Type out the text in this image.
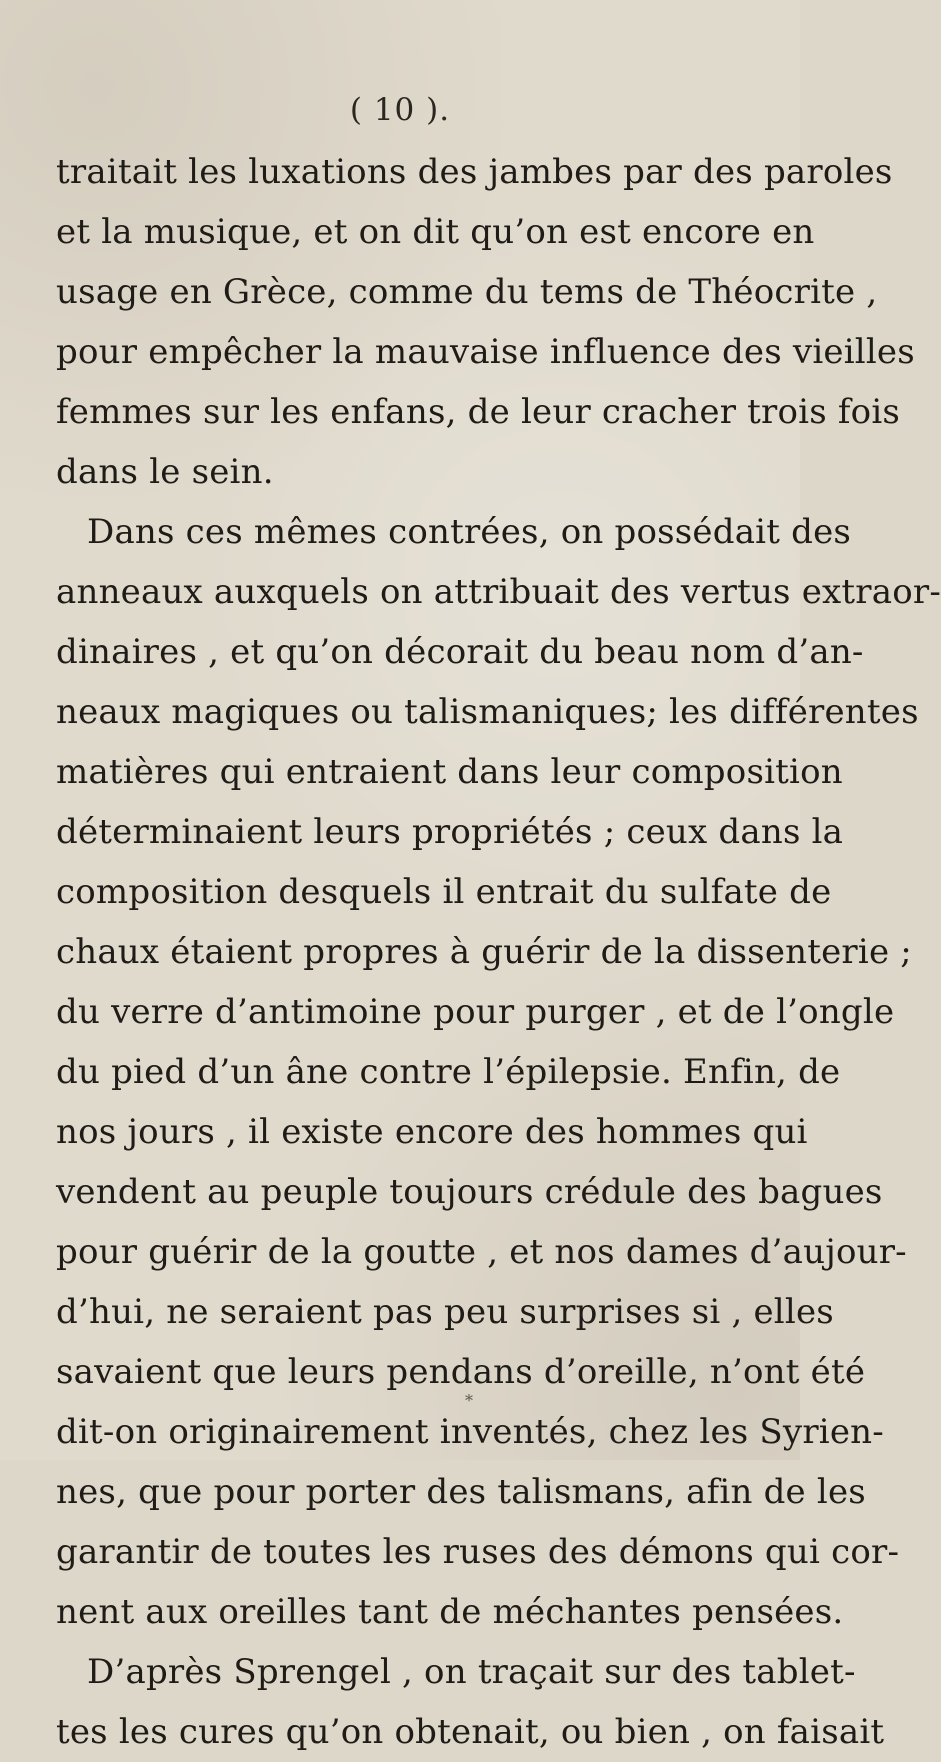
( 10 ).
traitait les luxations des jambes par des paroles
et la musique, et on dit qu’on est encore en
usage en Grèce, comme du tems de Théocrite ,
pour empêcher la mauvaise influence des vieilles
femmes sur les enfans, de leur cracher trois fois
dans le sein.
Dans ces mêmes contrées, on possédait des
anneaux auxquels on attribuait des vertus extraor-
dinaires , et qu’on décorait du beau nom d’an-
neaux magiques ou talismaniques; les différentes
matières qui entraient dans leur composition
déterminaient leurs propriétés ; ceux dans la
composition desquels il entrait du sulfate de
chaux étaient propres à guérir de la dissenterie ;
du verre d’antimoine pour purger , et de l’ongle
du pied d’un âne contre l’épilepsie. Enfin, de
nos jours , il existe encore des hommes qui
vendent au peuple toujours crédule des bagues
pour guérir de la goutte , et nos dames d’aujour-
d’hui, ne seraient pas peu surprises si , elles
savaient que leurs pendans d’oreille, n’ont été
dit-on originairement inventés, chez les Syrien-
nes, que pour porter des talismans, afin de les
garantir de toutes les ruses des démons qui cor-
nent aux oreilles tant de méchantes pensées.
D’après Sprengel , on traçait sur des tablet-
tes les cures qu’on obtenait, ou bien , on faisait
*
